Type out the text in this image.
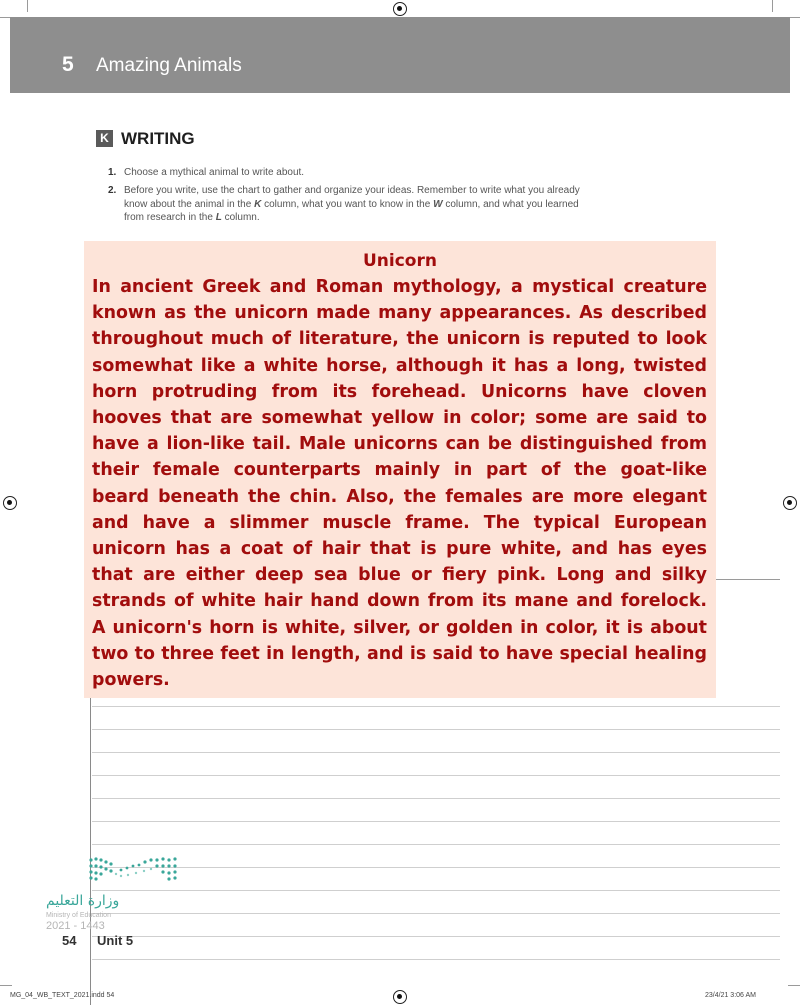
5 Amazing Animals
K WRITING
1. Choose a mythical animal to write about.
2. Before you write, use the chart to gather and organize your ideas. Remember to write what you already
know about the animal in the K column, what you want to know in the W column, and what you learned
from research in the L column.
Unicorn

In ancient Greek and Roman mythology, a mystical creature known as the unicorn made many appearances. As described throughout much of literature, the unicorn is reputed to look somewhat like a white horse, although it has a long, twisted horn protruding from its forehead. Unicorns have cloven hooves that are somewhat yellow in color; some are said to have a lion-like tail. Male unicorns can be distinguished from their female counterparts mainly in part of the goat-like beard beneath the chin. Also, the females are more elegant and have a slimmer muscle frame. The typical European unicorn has a coat of hair that is pure white, and has eyes that are either deep sea blue or fiery pink. Long and silky strands of white hair hand down from its mane and forelock. A unicorn's horn is white, silver, or golden in color, it is about two to three feet in length, and is said to have special healing powers.

وزارة التعليم
Ministry of Education
2021 - 1443
54 Unit 5
MG_04_WB_TEXT_2021.indd 54	23/4/21 3:06 AM
